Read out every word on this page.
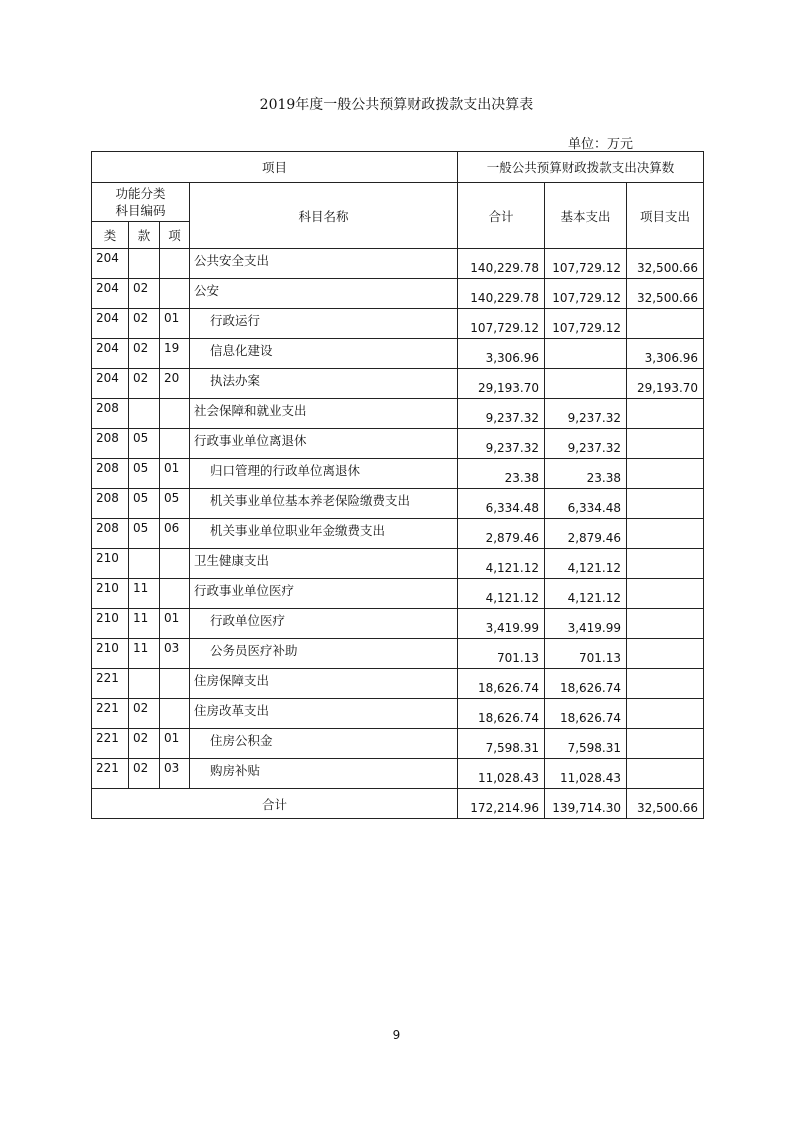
2019年度一般公共预算财政拨款支出决算表
单位：万元
项目				一般公共预算财政拨款支出决算数		

功能分类
科目编码			科目名称	合计	基本支出	项目支出
类	款	项				
204			公共安全支出	140,229.78	107,729.12	32,500.66
204	02		公安	140,229.78	107,729.12	32,500.66
204	02	01	行政运行	107,729.12	107,729.12	
204	02	19	信息化建设	3,306.96		3,306.96
204	02	20	执法办案	29,193.70		29,193.70
208			社会保障和就业支出	9,237.32	9,237.32	
208	05		行政事业单位离退休	9,237.32	9,237.32	
208	05	01	归口管理的行政单位离退休	23.38	23.38	
208	05	05	机关事业单位基本养老保险缴费支出	6,334.48	6,334.48	
208	05	06	机关事业单位职业年金缴费支出	2,879.46	2,879.46	
210			卫生健康支出	4,121.12	4,121.12	
210	11		行政事业单位医疗	4,121.12	4,121.12	
210	11	01	行政单位医疗	3,419.99	3,419.99	
210	11	03	公务员医疗补助	701.13	701.13	
221			住房保障支出	18,626.74	18,626.74	
221	02		住房改革支出	18,626.74	18,626.74	
221	02	01	住房公积金	7,598.31	7,598.31	
221	02	03	购房补贴	11,028.43	11,028.43	
合计				172,214.96	139,714.30	32,500.66
9
